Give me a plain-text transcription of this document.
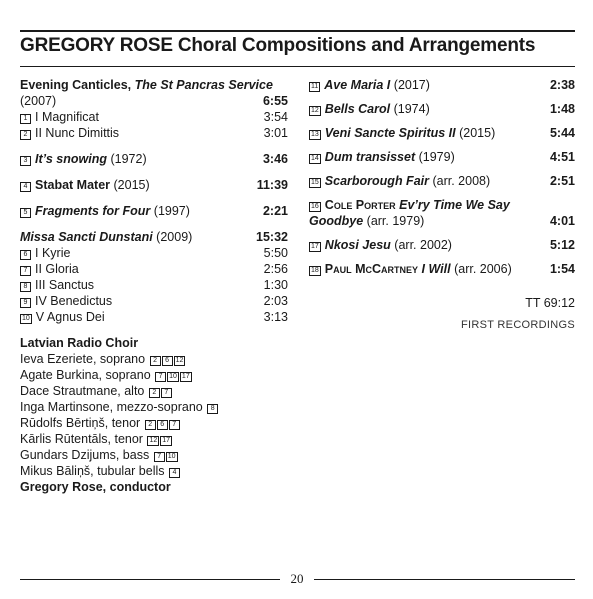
GREGORY ROSE Choral Compositions and Arrangements
Evening Canticles, The St Pancras Service
(2007)	6:55
1 I Magnificat	3:54
2 II Nunc Dimittis	3:01
3 It’s snowing (1972)	3:46
4 Stabat Mater (2015)	11:39
5 Fragments for Four (1997)	2:21
Missa Sancti Dunstani (2009)	15:32
6 I Kyrie	5:50
7 II Gloria	2:56
8 III Sanctus	1:30
9 IV Benedictus	2:03
10 V Agnus Dei	3:13
Latvian Radio Choir
Ieva Ezeriete, soprano 2 6 12
Agate Burkina, soprano 7 10 17
Dace Strautmane, alto 2 7
Inga Martinsone, mezzo-soprano 8
Rūdolfs Bērtiņš, tenor 2 6 7
Kārlis Rūtentāls, tenor 12 17
Gundars Dzijums, bass 7 10
Mikus Bāliņš, tubular bells 4
Gregory Rose, conductor
11 Ave Maria I (2017)	2:38
12 Bells Carol (1974)	1:48
13 Veni Sancte Spiritus II (2015)	5:44
14 Dum transisset (1979)	4:51
15 Scarborough Fair (arr. 2008)	2:51
16 Cole Porter Ev’ry Time We Say
Goodbye (arr. 1979)	4:01
17 Nkosi Jesu (arr. 2002)	5:12
18 Paul McCartney I Will (arr. 2006)	1:54
TT 69:12
FIRST RECORDINGS
20
